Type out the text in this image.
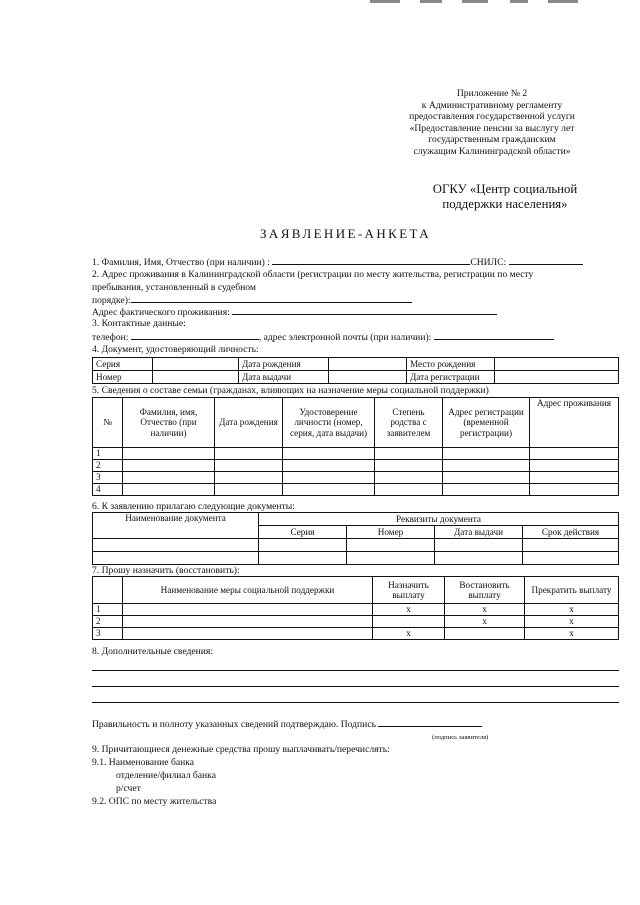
Приложение № 2
к Административному регламенту
предоставления государственной услуги
«Предоставление пенсии за выслугу лет
государственным гражданским
служащим Калининградской области»
ОГКУ «Центр социальной
поддержки населения»
ЗАЯВЛЕНИЕ-АНКЕТА
1. Фамилия, Имя, Отчество (при наличии) :	СНИЛС:
2. Адрес проживания в Калининградской области (регистрации по месту жительства, регистрации по месту
пребывания, установленный в судебном
порядке):
Адрес фактического проживания:
3. Контактные данные:
телефон:	, адрес электронной почты (при наличии):
4. Документ, удостоверяющий личность:
Серия		Дата рождения		Место рождения	
Номер		Дата выдачи		Дата регистрации	
5. Сведения о составе семьи (гражданах, влияющих на назначение меры социальной поддержки)
№	Фамилия, имя, Отчество (при наличии)	Дата рождения	Удостоверение личности (номер, серия, дата выдачи)	Степень родства с заявителем	Адрес регистрации (временной регистрации)	Адрес проживания
1						
2						
3						
4						
6. К заявлению прилагаю следующие документы:
Наименование документа	Реквизиты документа			
	Серия	Номер	Дата выдачи	Срок действия

7. Прошу назначить (восстановить):
	Наименование меры социальной поддержки	Назначить выплату	Востановить выплату	Прекратить выплату
1		x	x	x
2			x	x
3		x		x
8. Дополнительные сведения:
Правильность и полноту указанных сведений подтверждаю. Подпись
(подпись заявителя)
9. Причитающиеся денежные средства прошу выплачивать/перечислять:
9.1. Наименование банка
отделение/филиал банка
р/счет
9.2. ОПС по месту жительства
